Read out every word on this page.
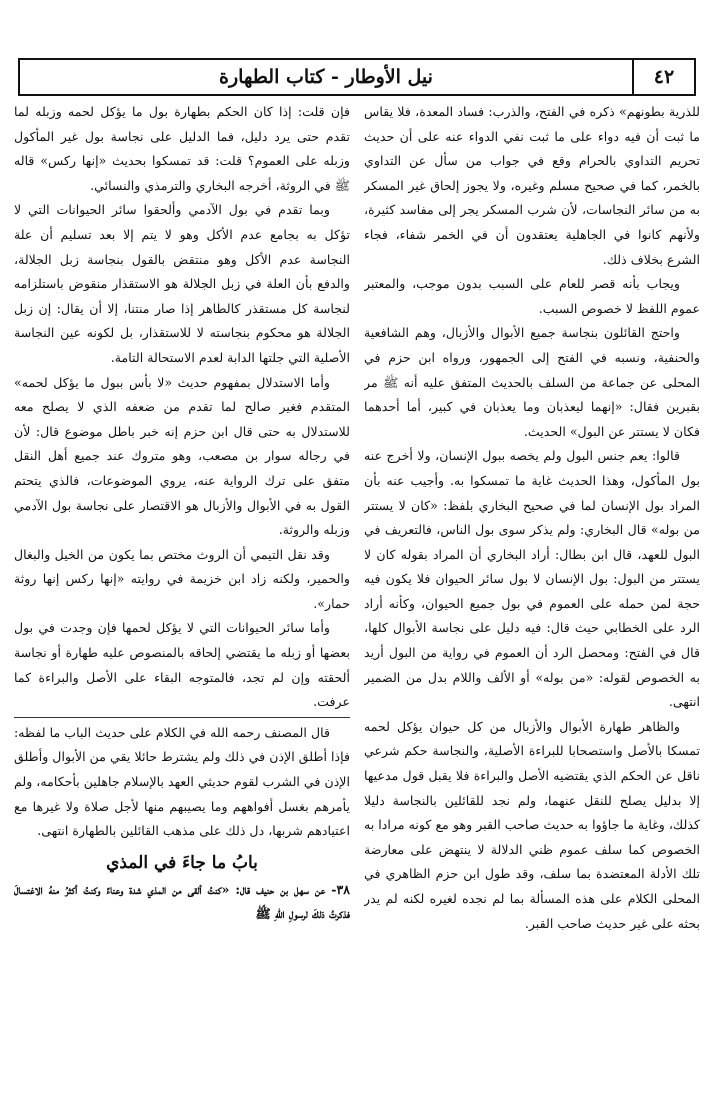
٤٢
نيل الأوطار - كتاب الطهارة

للذرية بطونهم» ذكره في الفتح، والذرب: فساد المعدة، فلا يقاس ما ثبت أن فيه دواء على ما ثبت نفي الدواء عنه على أن حديث تحريم التداوي بالحرام وقع في جواب من سأل عن التداوي بالخمر، كما في صحيح مسلم وغيره، ولا يجوز إلحاق غير المسكر به من سائر النجاسات، لأن شرب المسكر يجر إلى مفاسد كثيرة، ولأنهم كانوا في الجاهلية يعتقدون أن في الخمر شفاء، فجاء الشرع بخلاف ذلك.

ويجاب بأنه قصر للعام على السبب بدون موجب، والمعتبر عموم اللفظ لا خصوص السبب.

واحتج القائلون بنجاسة جميع الأبوال والأزبال، وهم الشافعية والحنفية، ونسبه في الفتح إلى الجمهور، ورواه ابن حزم في المحلى عن جماعة من السلف بالحديث المتفق عليه أنه ﷺ مر بقبرين فقال: «إنهما ليعذبان وما يعذبان في كبير، أما أحدهما فكان لا يستتر عن البول» الحديث.

قالوا: يعم جنس البول ولم يخصه ببول الإنسان، ولا أخرج عنه بول المأكول، وهذا الحديث غاية ما تمسكوا به. وأجيب عنه بأن المراد بول الإنسان لما في صحيح البخاري بلفظ: «كان لا يستتر من بوله» قال البخاري: ولم يذكر سوى بول الناس، فالتعريف في البول للعهد، قال ابن بطال: أراد البخاري أن المراد بقوله كان لا يستتر من البول: بول الإنسان لا بول سائر الحيوان فلا يكون فيه حجة لمن حمله على العموم في بول جميع الحيوان، وكأنه أراد الرد على الخطابي حيث قال: فيه دليل على نجاسة الأبوال كلها، قال في الفتح: ومحصل الرد أن العموم في رواية من البول أريد به الخصوص لقوله: «من بوله» أو الألف واللام بدل من الضمير انتهى.

والظاهر طهارة الأبوال والأزبال من كل حيوان يؤكل لحمه تمسكا بالأصل واستصحابا للبراءة الأصلية، والنجاسة حكم شرعي ناقل عن الحكم الذي يقتضيه الأصل والبراءة فلا يقبل قول مدعيها إلا بدليل يصلح للنقل عنهما، ولم نجد للقائلين بالنجاسة دليلا كذلك، وغاية ما جاؤوا به حديث صاحب القبر وهو مع كونه مرادا به الخصوص كما سلف عموم ظني الدلالة لا ينتهض على معارضة تلك الأدلة المعتضدة بما سلف، وقد طول ابن حزم الظاهري في المحلى الكلام على هذه المسألة بما لم نجده لغيره لكنه لم يدر بحثه على غير حديث صاحب القبر.

فإن قلت: إذا كان الحكم بطهارة بول ما يؤكل لحمه وزبله لما تقدم حتى يرد دليل، فما الدليل على نجاسة بول غير المأكول وزبله على العموم؟ قلت: قد تمسكوا بحديث «إنها ركس» قاله ﷺ في الروثة، أخرجه البخاري والترمذي والنسائي.

وبما تقدم في بول الآدمي وألحقوا سائر الحيوانات التي لا تؤكل به بجامع عدم الأكل وهو لا يتم إلا بعد تسليم أن علة النجاسة عدم الأكل وهو منتقض بالقول بنجاسة زبل الجلالة، والدفع بأن العلة في زبل الجلالة هو الاستقذار منقوض باستلزامه لنجاسة كل مستقذر كالطاهر إذا صار منتنا، إلا أن يقال: إن زبل الجلالة هو محكوم بنجاسته لا للاستقذار، بل لكونه عين النجاسة الأصلية التي جلتها الدابة لعدم الاستحالة التامة.

وأما الاستدلال بمفهوم حديث «لا بأس ببول ما يؤكل لحمه» المتقدم فغير صالح لما تقدم من ضعفه الذي لا يصلح معه للاستدلال به حتى قال ابن حزم إنه خبر باطل موضوع قال: لأن في رجاله سوار بن مصعب، وهو متروك عند جميع أهل النقل متفق على ترك الرواية عنه، يروي الموضوعات، فالذي يتحتم القول به في الأبوال والأزبال هو الاقتصار على نجاسة بول الآدمي وزبله والروثة.

وقد نقل التيمي أن الروث مختص بما يكون من الخيل والبغال والحمير، ولكنه زاد ابن خزيمة في روايته «إنها ركس إنها روثة حمار».

وأما سائر الحيوانات التي لا يؤكل لحمها فإن وجدت في بول بعضها أو زبله ما يقتضي إلحاقه بالمنصوص عليه طهارة أو نجاسة ألحقته وإن لم تجد، فالمتوجه البقاء على الأصل والبراءة كما عرفت.

قال المصنف رحمه الله في الكلام على حديث الباب ما لفظه: فإذا أطلق الإذن في ذلك ولم يشترط حائلا يقي من الأبوال وأطلق الإذن في الشرب لقوم حديثي العهد بالإسلام جاهلين بأحكامه، ولم يأمرهم بغسل أفواههم وما يصيبهم منها لأجل صلاة ولا غيرها مع اعتيادهم شربها، دل ذلك على مذهب القائلين بالطهارة انتهى.

بابُ ما جاءَ في المذي

٣٨- عن سهل بن حنيف قال: «كنتُ ألقى من المذي شدة وعناءً وكنتُ أكثرُ منهُ الاغتسالَ فذكرتُ ذلكَ لرسولِ اللهِ ﷺ
